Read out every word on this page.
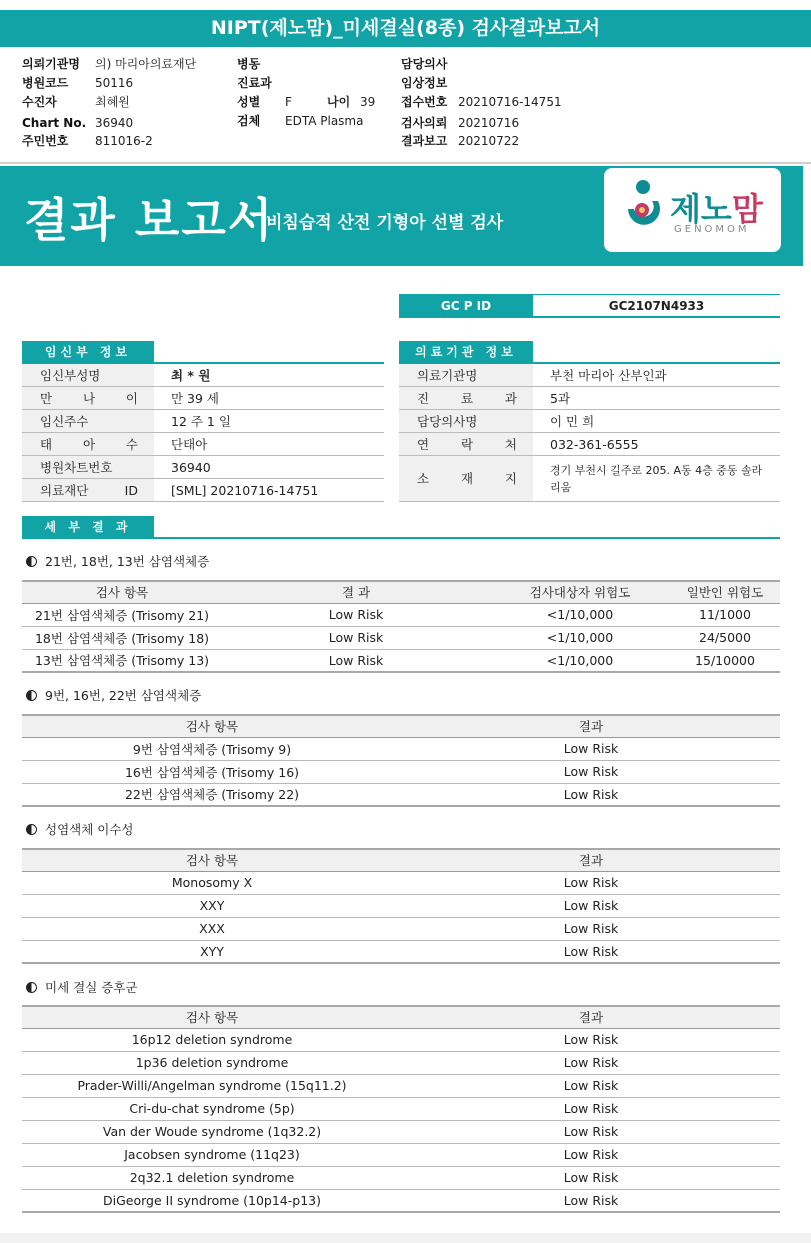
NIPT(제노맘)_미세결실(8종) 검사결과보고서
의뢰기관명 의) 마리아의료재단
병원코드 50116
수진자	최혜원
Chart No. 36940
주민번호 811016-2
병동
진료과
성별 F	나이 39
검체 EDTA Plasma
담당의사
임상정보
접수번호 20210716-14751
검사의뢰 20210716
결과보고 20210722
결과 보고서
비침습적 산전 기형아 선별 검사	제노맘
GENOMOM
GC P ID	GC2107N4933
임신부 정보	의료기관 정보
임신부성명	최 * 원
만 나 이	만 39 세
임신주수	12 주 1 일
태 아 수	단태아
병원차트번호	36940
의료재단 ID	[SML] 20210716-14751
의료기관명	부천 마리아 산부인과
진 료 과	5과
담당의사명	이 민 희
연 락 처	032-361-6555
소 재 지
경기 부천시 길주로 205. A동 4층 중동 솔라 리움
세 부 결 과
21번, 18번, 13번 삼염색체증
검사 항목	결 과	검사대상자 위험도	일반인 위험도
21번 삼염색체증 (Trisomy 21)	Low Risk	<1/10,000	11/1000
18번 삼염색체증 (Trisomy 18)	Low Risk	<1/10,000	24/5000
13번 삼염색체증 (Trisomy 13)	Low Risk	<1/10,000	15/10000
9번, 16번, 22번 삼염색체증
검사 항목	결과
9번 삼염색체증 (Trisomy 9)	Low Risk
16번 삼염색체증 (Trisomy 16)	Low Risk
22번 삼염색체증 (Trisomy 22)	Low Risk
성염색체 이수성
검사 항목	결과
Monosomy X	Low Risk
XXY	Low Risk
XXX	Low Risk
XYY	Low Risk
미세 결실 증후군
검사 항목	결과
16p12 deletion syndrome	Low Risk
1p36 deletion syndrome	Low Risk
Prader-Willi/Angelman syndrome (15q11.2)	Low Risk
Cri-du-chat syndrome (5p)	Low Risk
Van der Woude syndrome (1q32.2)	Low Risk
Jacobsen syndrome (11q23)	Low Risk
2q32.1 deletion syndrome	Low Risk
DiGeorge II syndrome (10p14-p13)	Low Risk
